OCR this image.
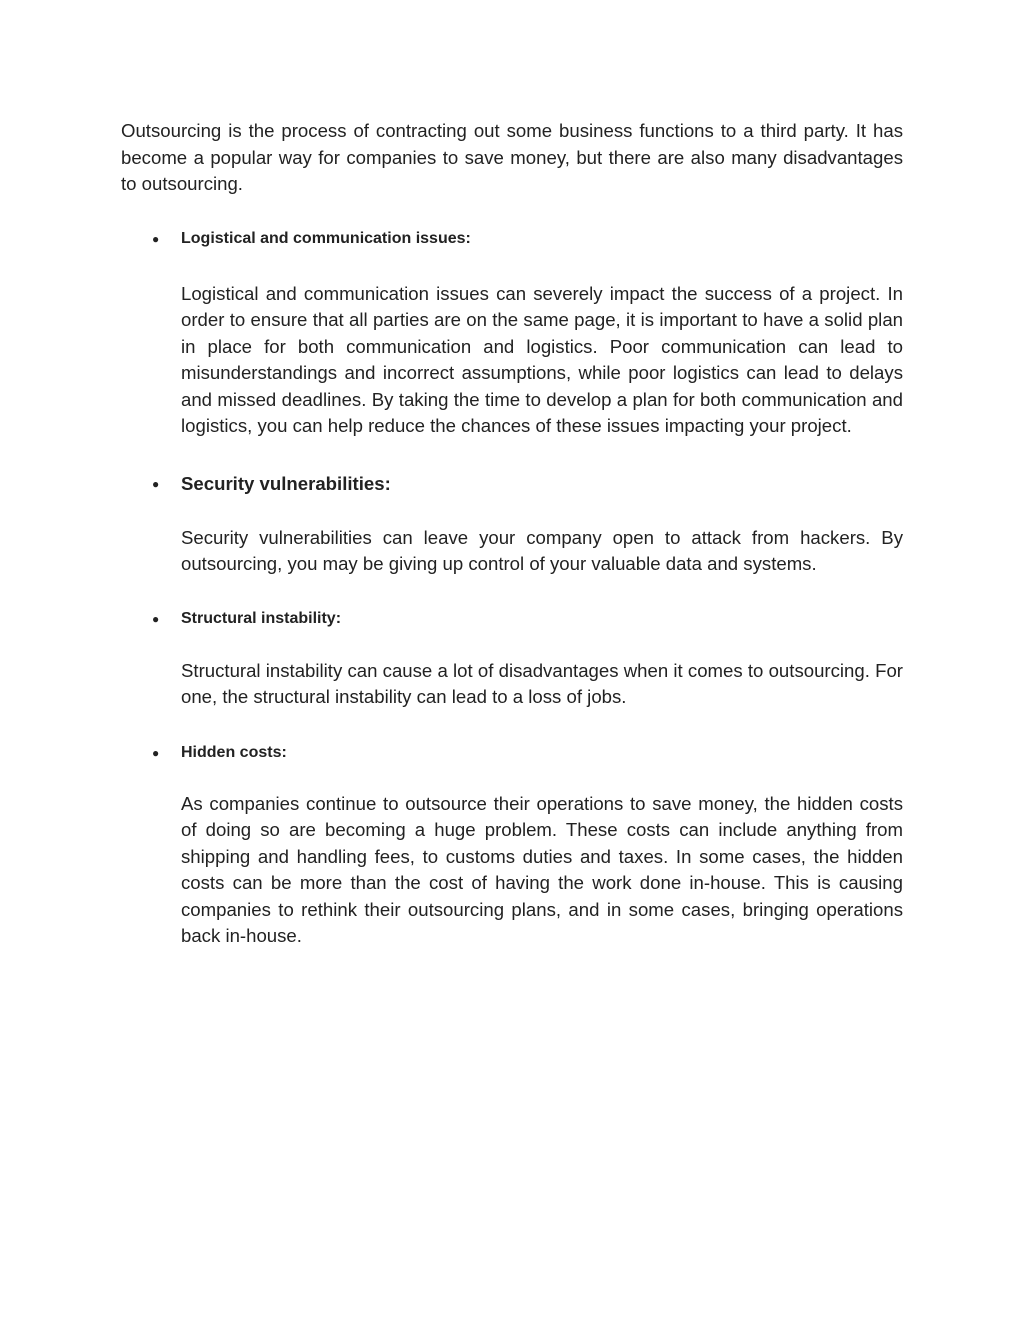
Outsourcing is the process of contracting out some business functions to a third party. It has become a popular way for companies to save money, but there are also many disadvantages to outsourcing.

● Logistical and communication issues:

Logistical and communication issues can severely impact the success of a project. In order to ensure that all parties are on the same page, it is important to have a solid plan in place for both communication and logistics. Poor communication can lead to misunderstandings and incorrect assumptions, while poor logistics can lead to delays and missed deadlines. By taking the time to develop a plan for both communication and logistics, you can help reduce the chances of these issues impacting your project.

● Security vulnerabilities:

Security vulnerabilities can leave your company open to attack from hackers. By outsourcing, you may be giving up control of your valuable data and systems.

● Structural instability:

Structural instability can cause a lot of disadvantages when it comes to outsourcing. For one, the structural instability can lead to a loss of jobs.

● Hidden costs:

As companies continue to outsource their operations to save money, the hidden costs of doing so are becoming a huge problem. These costs can include anything from shipping and handling fees, to customs duties and taxes. In some cases, the hidden costs can be more than the cost of having the work done in-house. This is causing companies to rethink their outsourcing plans, and in some cases, bringing operations back in-house.
